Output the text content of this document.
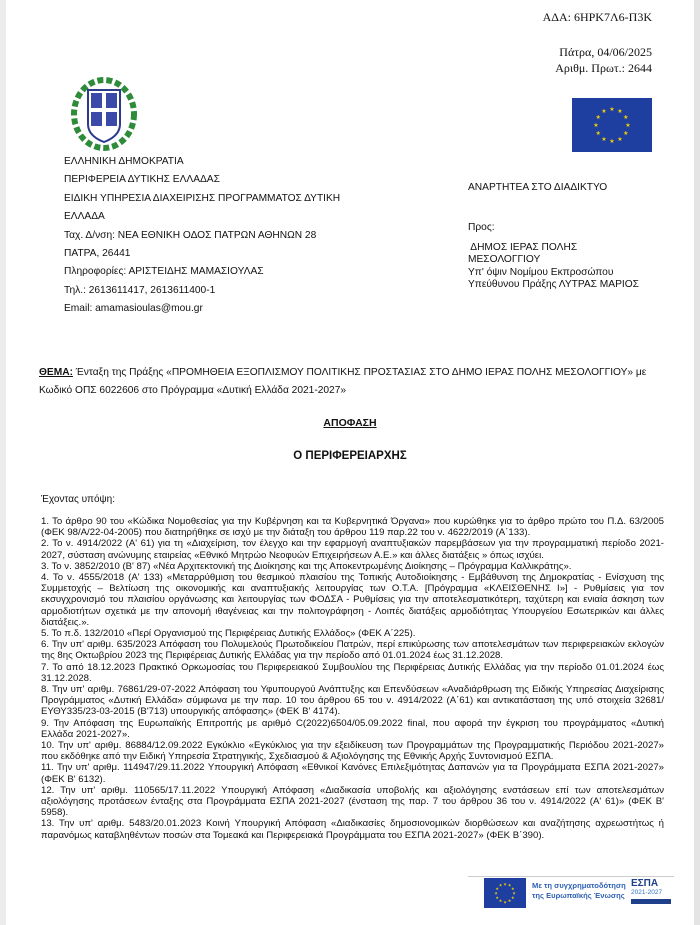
ΑΔΑ: 6ΗΡΚ7Λ6-Π3Κ
Πάτρα, 04/06/2025
Αριθμ. Πρωτ.: 2644
★ ★
★
★
★
★
★
★
★
★
★
★
ΕΛΛΗΝΙΚΗ ΔΗΜΟΚΡΑΤΙΑ
ΠΕΡΙΦΕΡΕΙΑ ΔΥΤΙΚΗΣ ΕΛΛΑΔΑΣ
ΕΙΔΙΚΗ ΥΠΗΡΕΣΙΑ ΔΙΑΧΕΙΡΙΣΗΣ ΠΡΟΓΡΑΜΜΑΤΟΣ ΔΥΤΙΚΗ
ΕΛΛΑΔΑ
Ταχ. Δ/νση: ΝΕΑ ΕΘΝΙΚΗ ΟΔΟΣ ΠΑΤΡΩΝ ΑΘΗΝΩΝ 28
ΠΑΤΡΑ, 26441
Πληροφορίες: ΑΡΙΣΤΕΙΔΗΣ ΜΑΜΑΣΙΟΥΛΑΣ
Τηλ.: 2613611417, 2613611400-1
Email: amamasioulas@mou.gr
ΑΝΑΡΤΗΤΕΑ ΣΤΟ ΔΙΑΔΙΚΤΥΟ
Προς:
ΔΗΜΟΣ ΙΕΡΑΣ ΠΟΛΗΣ
ΜΕΣΟΛΟΓΓΙΟΥ
Υπ' όψιν Νομίμου Εκπροσώπου
Υπεύθυνου Πράξης ΛΥΤΡΑΣ ΜΑΡΙΟΣ
ΘΕΜΑ: Ένταξη της Πράξης «ΠΡΟΜΗΘΕΙΑ ΕΞΟΠΛΙΣΜΟΥ ΠΟΛΙΤΙΚΗΣ ΠΡΟΣΤΑΣΙΑΣ ΣΤΟ ΔΗΜΟ ΙΕΡΑΣ ΠΟΛΗΣ ΜΕΣΟΛΟΓΓΙΟΥ» με Κωδικό ΟΠΣ 6022606 στο Πρόγραμμα «Δυτική Ελλάδα 2021-2027»
ΑΠΟΦΑΣΗ
Ο ΠΕΡΙΦΕΡΕΙΑΡΧΗΣ
Έχοντας υπόψη:

1. Το άρθρο 90 του «Κώδικα Νομοθεσίας για την Κυβέρνηση και τα Κυβερνητικά Όργανα» που κυρώθηκε για το άρθρο πρώτο του Π.Δ. 63/2005 (ΦΕΚ 98/Α/22-04-2005) που διατηρήθηκε σε ισχύ με την διάταξη του άρθρου 119 παρ.22 του ν. 4622/2019 (Α΄133).

2. Το ν. 4914/2022 (Α' 61) για τη «Διαχείριση, τον έλεγχο και την εφαρμογή αναπτυξιακών παρεμβάσεων για την προγραμματική περίοδο 2021-2027, σύσταση ανώνυμης εταιρείας «Εθνικό Μητρώο Νεοφυών Επιχειρήσεων Α.Ε.» και άλλες διατάξεις » όπως ισχύει.

3. Το ν. 3852/2010 (Β' 87) «Νέα Αρχιτεκτονική της Διοίκησης και της Αποκεντρωμένης Διοίκησης – Πρόγραμμα Καλλικράτης».

4. Το ν. 4555/2018 (Α' 133) «Μεταρρύθμιση του θεσμικού πλαισίου της Τοπικής Αυτοδιοίκησης - Εμβάθυνση της Δημοκρατίας - Ενίσχυση της Συμμετοχής – Βελτίωση της οικονομικής και αναπτυξιακής λειτουργίας των Ο.Τ.Α. [Πρόγραμμα «ΚΛΕΙΣΘΕΝΗΣ Ι»] - Ρυθμίσεις για τον εκσυγχρονισμό του πλαισίου οργάνωσης και λειτουργίας των ΦΟΔΣΑ - Ρυθμίσεις για την αποτελεσματικότερη, ταχύτερη και ενιαία άσκηση των αρμοδιοτήτων σχετικά με την απονομή ιθαγένειας και την πολιτογράφηση - Λοιπές διατάξεις αρμοδιότητας Υπουργείου Εσωτερικών και άλλες διατάξεις.».

5. Το π.δ. 132/2010 «Περί Οργανισμού της Περιφέρειας Δυτικής Ελλάδος» (ΦΕΚ Α΄225).

6. Την υπ' αριθμ. 635/2023 Απόφαση του Πολυμελούς Πρωτοδικείου Πατρών, περί επικύρωσης των αποτελεσμάτων των περιφερειακών εκλογών της 8ης Οκτωβρίου 2023 της Περιφέρειας Δυτικής Ελλάδας για την περίοδο από 01.01.2024 έως 31.12.2028.

7. Το από 18.12.2023 Πρακτικό Ορκωμοσίας του Περιφερειακού Συμβουλίου της Περιφέρειας Δυτικής Ελλάδας για την περίοδο 01.01.2024 έως 31.12.2028.

8. Την υπ' αριθμ. 76861/29-07-2022 Απόφαση του Υφυπουργού Ανάπτυξης και Επενδύσεων «Αναδιάρθρωση της Ειδικής Υπηρεσίας Διαχείρισης Προγράμματος «Δυτική Ελλάδα» σύμφωνα με την παρ. 10 του άρθρου 65 του ν. 4914/2022 (Α΄61) και αντικατάσταση της υπό στοιχεία 32681/ΕΥΘΥ335/23-03-2015 (Β'713) υπουργικής απόφασης» (ΦΕΚ Β' 4174).

9. Την Απόφαση της Ευρωπαϊκής Επιτροπής με αριθμό C(2022)6504/05.09.2022 final, που αφορά την έγκριση του προγράμματος «Δυτική Ελλάδα 2021-2027».

10. Την υπ' αριθμ. 86884/12.09.2022 Εγκύκλιο «Εγκύκλιος για την εξειδίκευση των Προγραμμάτων της Προγραμματικής Περιόδου 2021-2027» που εκδόθηκε από την Ειδική Υπηρεσία Στρατηγικής, Σχεδιασμού & Αξιολόγησης της Εθνικής Αρχής Συντονισμού ΕΣΠΑ.

11. Την υπ' αριθμ. 114947/29.11.2022 Υπουργική Απόφαση «Εθνικοί Κανόνες Επιλεξιμότητας Δαπανών για τα Προγράμματα ΕΣΠΑ 2021-2027» (ΦΕΚ Β' 6132).

12. Την υπ' αριθμ. 110565/17.11.2022 Υπουργική Απόφαση «Διαδικασία υποβολής και αξιολόγησης ενστάσεων επί των αποτελεσμάτων αξιολόγησης προτάσεων ένταξης στα Προγράμματα ΕΣΠΑ 2021-2027 (ένσταση της παρ. 7 του άρθρου 36 του ν. 4914/2022 (Α' 61)» (ΦΕΚ Β' 5958).

13. Την υπ' αριθμ. 5483/20.01.2023 Κοινή Υπουργική Απόφαση «Διαδικασίες δημοσιονομικών διορθώσεων και αναζήτησης αχρεωστήτως ή παρανόμως καταβληθέντων ποσών στα Τομεακά και Περιφερειακά Προγράμματα του ΕΣΠΑ 2021-2027» (ΦΕΚ Β΄390).

★ ★
★
★
★
★
★
★
★
★
★
★	Με τη συγχρηματοδότηση
της Ευρωπαϊκής Ένωσης
ΕΣΠΑ
2021-2027
